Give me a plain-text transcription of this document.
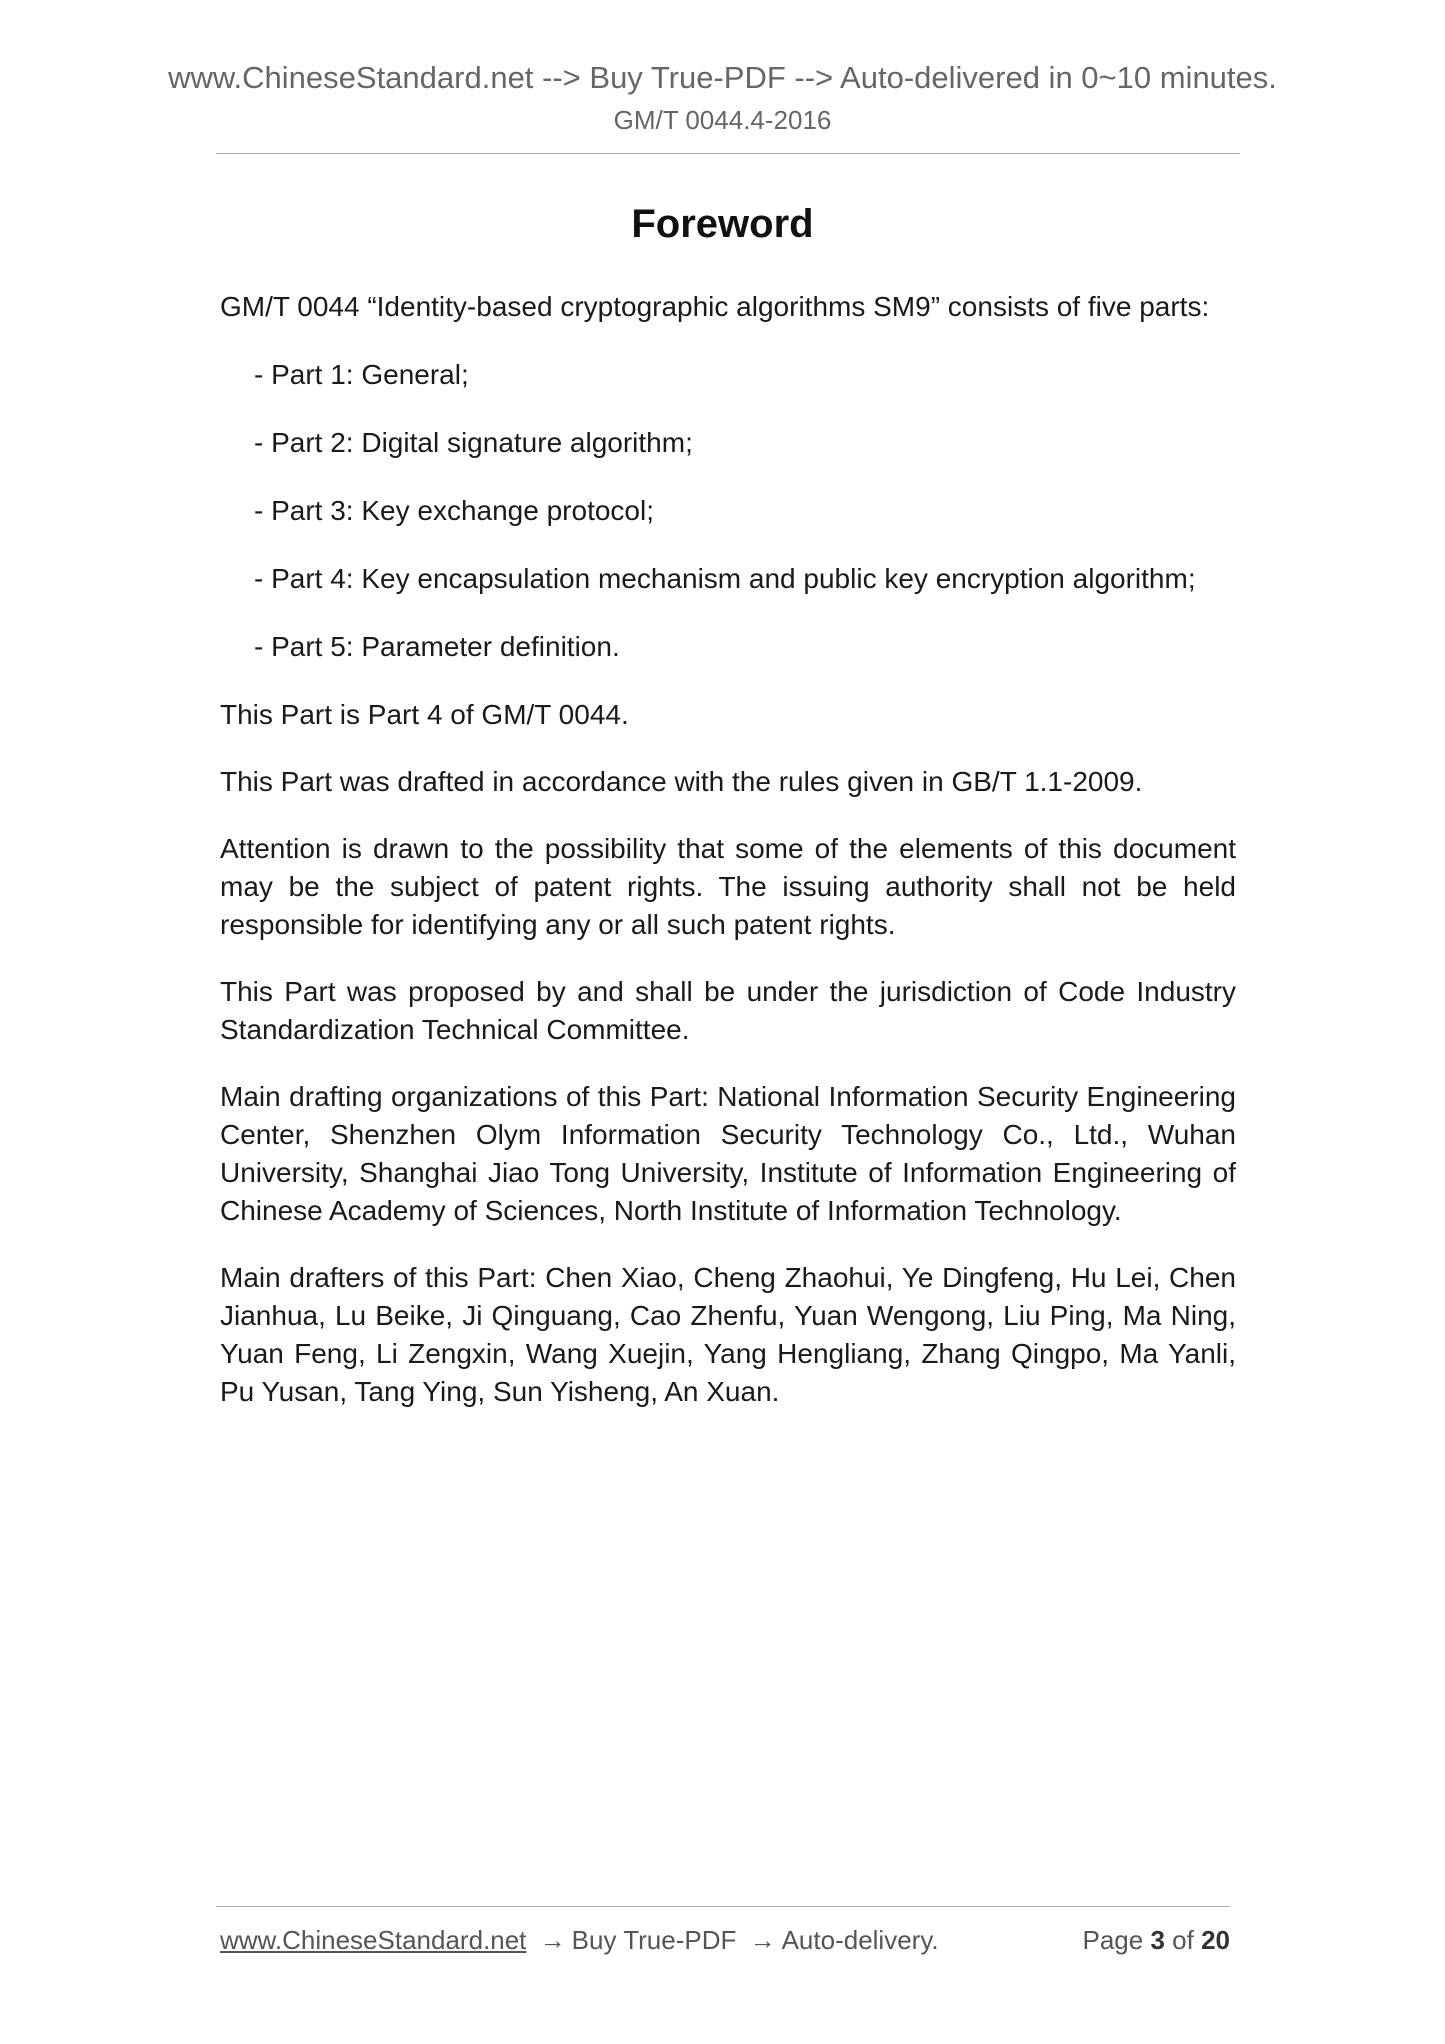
www.ChineseStandard.net --> Buy True-PDF --> Auto-delivered in 0~10 minutes.
GM/T 0044.4-2016
Foreword

GM/T 0044 “Identity-based cryptographic algorithms SM9” consists of five parts:

- Part 1: General;

- Part 2: Digital signature algorithm;

- Part 3: Key exchange protocol;

- Part 4: Key encapsulation mechanism and public key encryption algorithm;

- Part 5: Parameter definition.

This Part is Part 4 of GM/T 0044.

This Part was drafted in accordance with the rules given in GB/T 1.1-2009.

Attention is drawn to the possibility that some of the elements of this document may be the subject of patent rights. The issuing authority shall not be held responsible for identifying any or all such patent rights.

This Part was proposed by and shall be under the jurisdiction of Code Industry Standardization Technical Committee.

Main drafting organizations of this Part: National Information Security Engineering Center, Shenzhen Olym Information Security Technology Co., Ltd., Wuhan University, Shanghai Jiao Tong University, Institute of Information Engineering of Chinese Academy of Sciences, North Institute of Information Technology.

Main drafters of this Part: Chen Xiao, Cheng Zhaohui, Ye Dingfeng, Hu Lei, Chen Jianhua, Lu Beike, Ji Qinguang, Cao Zhenfu, Yuan Wengong, Liu Ping, Ma Ning, Yuan Feng, Li Zengxin, Wang Xuejin, Yang Hengliang, Zhang Qingpo, Ma Yanli, Pu Yusan, Tang Ying, Sun Yisheng, An Xuan.

www.ChineseStandard.net → Buy True-PDF → Auto-delivery.	Page 3 of 20
